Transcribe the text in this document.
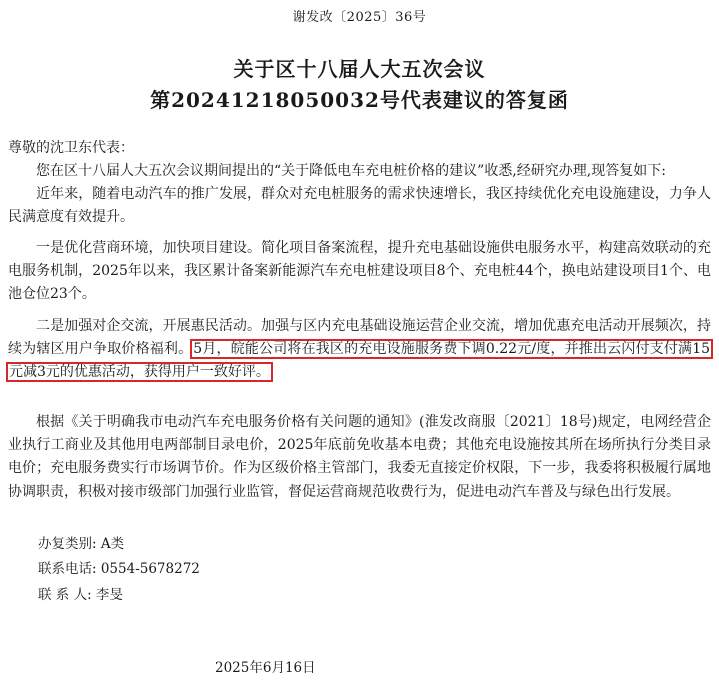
谢发改〔2025〕36号
关于区十八届人大五次会议
第20241218050032号代表建议的答复函
尊敬的沈卫东代表：

您在区十八届人大五次会议期间提出的“关于降低电车充电桩价格的建议”收悉,经研究办理,现答复如下:

近年来，随着电动汽车的推广发展，群众对充电桩服务的需求快速增长，我区持续优化充电设施建设，力争人民满意度有效提升。

一是优化营商环境，加快项目建设。简化项目备案流程，提升充电基础设施供电服务水平，构建高效联动的充电服务机制，2025年以来，我区累计备案新能源汽车充电桩建设项目8个、充电桩44个，换电站建设项目1个、电池仓位23个。

二是加强对企交流，开展惠民活动。加强与区内充电基础设施运营企业交流，增加优惠充电活动开展频次，持续为辖区用户争取价格福利。5月，皖能公司将在我区的充电设施服务费下调0.22元/度，并推出云闪付支付满15元减3元的优惠活动，获得用户一致好评。

根据《关于明确我市电动汽车充电服务价格有关问题的通知》(淮发改商服〔2021〕18号)规定，电网经营企业执行工商业及其他用电两部制目录电价，2025年底前免收基本电费；其他充电设施按其所在场所执行分类目录电价；充电服务费实行市场调节价。作为区级价格主管部门，我委无直接定价权限，下一步，我委将积极履行属地协调职责，积极对接市级部门加强行业监管，督促运营商规范收费行为，促进电动汽车普及与绿色出行发展。

办复类别: A类
联系电话: 0554-5678272
联 系 人: 李旻
2025年6月16日
